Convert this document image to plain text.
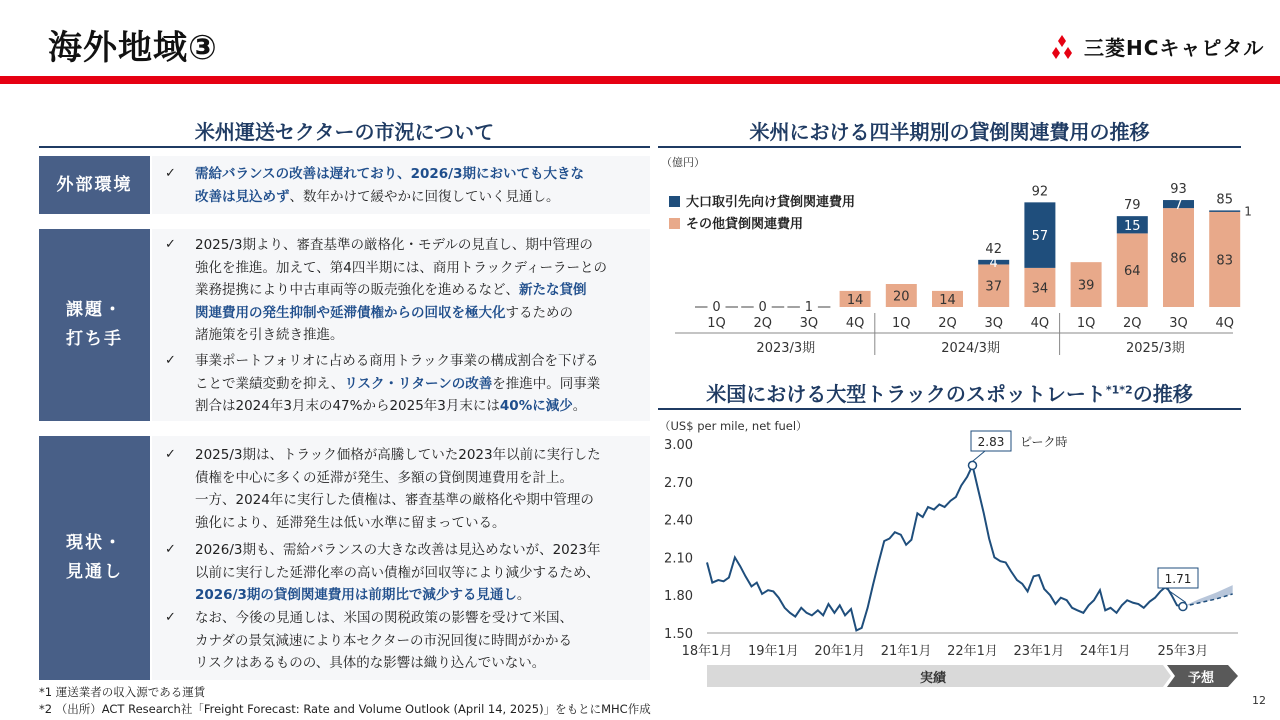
海外地域③	三菱HCキャピタル
米州運送セクターの市況について
外部環境
✓ 需給バランスの改善は遅れており、2026/3期においても大きな
改善は見込めず、数年かけて緩やかに回復していく見通し。
課題・
打ち手
✓ 2025/3期より、審査基準の厳格化・モデルの見直し、期中管理の
強化を推進。加えて、第4四半期には、商用トラックディーラーとの
業務提携により中古車両等の販売強化を進めるなど、新たな貸倒
関連費用の発生抑制や延滞債権からの回収を極大化するための
諸施策を引き続き推進。
✓ 事業ポートフォリオに占める商用トラック事業の構成割合を下げる
ことで業績変動を抑え、リスク・リターンの改善を推進中。同事業
割合は2024年3月末の47%から2025年3月末には40%に減少。
現状・
見通し
✓ 2025/3期は、トラック価格が高騰していた2023年以前に実行した
債権を中心に多くの延滞が発生、多額の貸倒関連費用を計上。
一方、2024年に実行した債権は、審査基準の厳格化や期中管理の
強化により、延滞発生は低い水準に留まっている。
✓ 2026/3期も、需給バランスの大きな改善は見込めないが、2023年
以前に実行した延滞化率の高い債権が回収等により減少するため、
2026/3期の貸倒関連費用は前期比で減少する見通し。
✓ なお、今後の見通しは、米国の関税政策の影響を受けて米国、
カナダの景気減速により本セクターの市況回復に時間がかかる
リスクはあるものの、具体的な影響は織り込んでいない。
米州における四半期別の貸倒関連費用の推移
（億円）
大口取引先向け貸倒関連費用
その他貸倒関連費用
0
1Q
0
2Q
1
3Q
14
4Q
20
1Q
14
2Q
37
4
42
3Q
34
57
92
4Q
39
1Q
64
15
79
2Q
86
7
93
3Q
83
1
85
4Q
2023/3期	2024/3期	2025/3期
米国における大型トラックのスポットレート$^{*1*2}$の推移
（US$ per mile, net fuel）
3.00
2.70
2.40
2.10
1.80
1.50
18年1月 19年1月 20年1月 21年1月 22年1月 23年1月 24年1月 25年3月
2.83 ピーク時
1.71
実績	予想
*1 運送業者の収入源である運賃
*2 （出所）ACT Research社「Freight Forecast: Rate and Volume Outlook (April 14, 2025)」をもとにMHC作成
12
